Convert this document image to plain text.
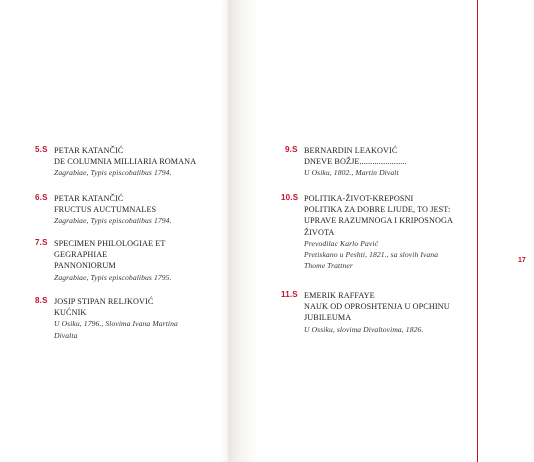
17
5.S PETAR KATANČIĆ
DE COLUMNIA MILLIARIA ROMANA
Zagrabiae, Typis episcobalibus 1794.
6.S PETAR KATANČIĆ
FRUCTUS AUCTUMNALES
Zagrabiae, Typis episcobalibus 1794.
7.S SPECIMEN PHILOLOGIAE ET
GEGRAPHIAE
PANNONIORUM
Zagrabiae, Typis episcobalibus 1795.
8.S JOSIP STIPAN RELJKOVIĆ
KUĆNIK
U Osiku, 1796., Slovima Ivana Martina
Divalta
9.S BERNARDIN LEAKOVIĆ
DNEVE BOŽJE......................
U Osiku, 1802., Martin Divalt
10.S POLITIKA-ŽIVOT-KREPOSNI
POLITIKA ZA DOBRE LJUDE, TO JEST:
UPRAVE RAZUMNOGA I KRIPOSNOGA
ŽIVOTA
Prevodilac Karlo Pavić
Pretiskano u Peshti, 1821., sa slovih Ivana
Thome Trattner
11.S EMERIK RAFFAYE
NAUK OD OPROSHTENJA U OPCHINU
JUBILEUMA
U Ossiku, slovima Divaltovima, 1826.
